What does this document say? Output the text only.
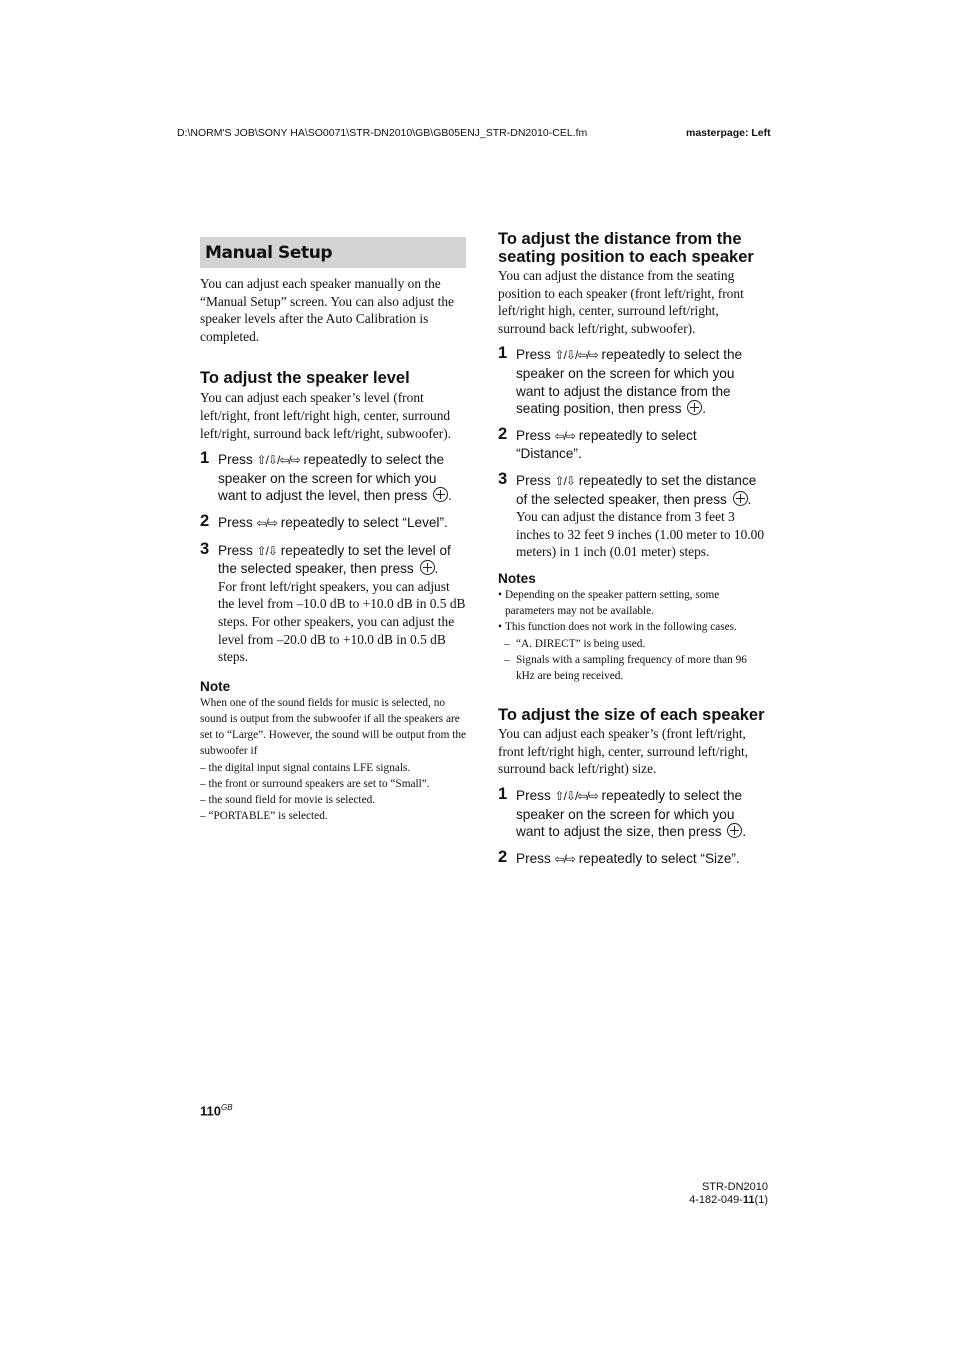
D:\NORM'S JOB\SONY HA\SO0071\STR-DN2010\GB\GB05ENJ_STR-DN2010-CEL.fm	masterpage: Left
Manual Setup

You can adjust each speaker manually on the “Manual Setup” screen. You can also adjust the speaker levels after the Auto Calibration is completed.

To adjust the speaker level

You can adjust each speaker’s level (front left/right, front left/right high, center, surround left/right, surround back left/right, subwoofer).

1 Press ⇧/⇩/⇦/⇨ repeatedly to select the speaker on the screen for which you want to adjust the level, then press .
2 Press ⇦/⇨ repeatedly to select “Level”.
3 Press ⇧/⇩ repeatedly to set the level of the selected speaker, then press .
For front left/right speakers, you can adjust the level from –10.0 dB to +10.0 dB in 0.5 dB steps. For other speakers, you can adjust the level from –20.0 dB to +10.0 dB in 0.5 dB steps.
Note
When one of the sound fields for music is selected, no sound is output from the subwoofer if all the speakers are set to “Large”. However, the sound will be output from the subwoofer if
– the digital input signal contains LFE signals.
– the front or surround speakers are set to “Small”.
– the sound field for movie is selected.
– “PORTABLE” is selected.
To adjust the distance from the seating position to each speaker

You can adjust the distance from the seating position to each speaker (front left/right, front left/right high, center, surround left/right, surround back left/right, subwoofer).

1 Press ⇧/⇩/⇦/⇨ repeatedly to select the speaker on the screen for which you want to adjust the distance from the seating position, then press .
2 Press ⇦/⇨ repeatedly to select “Distance”.
3 Press ⇧/⇩ repeatedly to set the distance of the selected speaker, then press .
You can adjust the distance from 3 feet 3 inches to 32 feet 9 inches (1.00 meter to 10.00 meters) in 1 inch (0.01 meter) steps.
Notes
• Depending on the speaker pattern setting, some parameters may not be available.
• This function does not work in the following cases.
– “A. DIRECT” is being used.
– Signals with a sampling frequency of more than 96 kHz are being received.
To adjust the size of each speaker

You can adjust each speaker’s (front left/right, front left/right high, center, surround left/right, surround back left/right) size.

1 Press ⇧/⇩/⇦/⇨ repeatedly to select the speaker on the screen for which you want to adjust the size, then press .
2 Press ⇦/⇨ repeatedly to select “Size”.
$110^{GB}$
STR-DN2010
4-182-049-11(1)
